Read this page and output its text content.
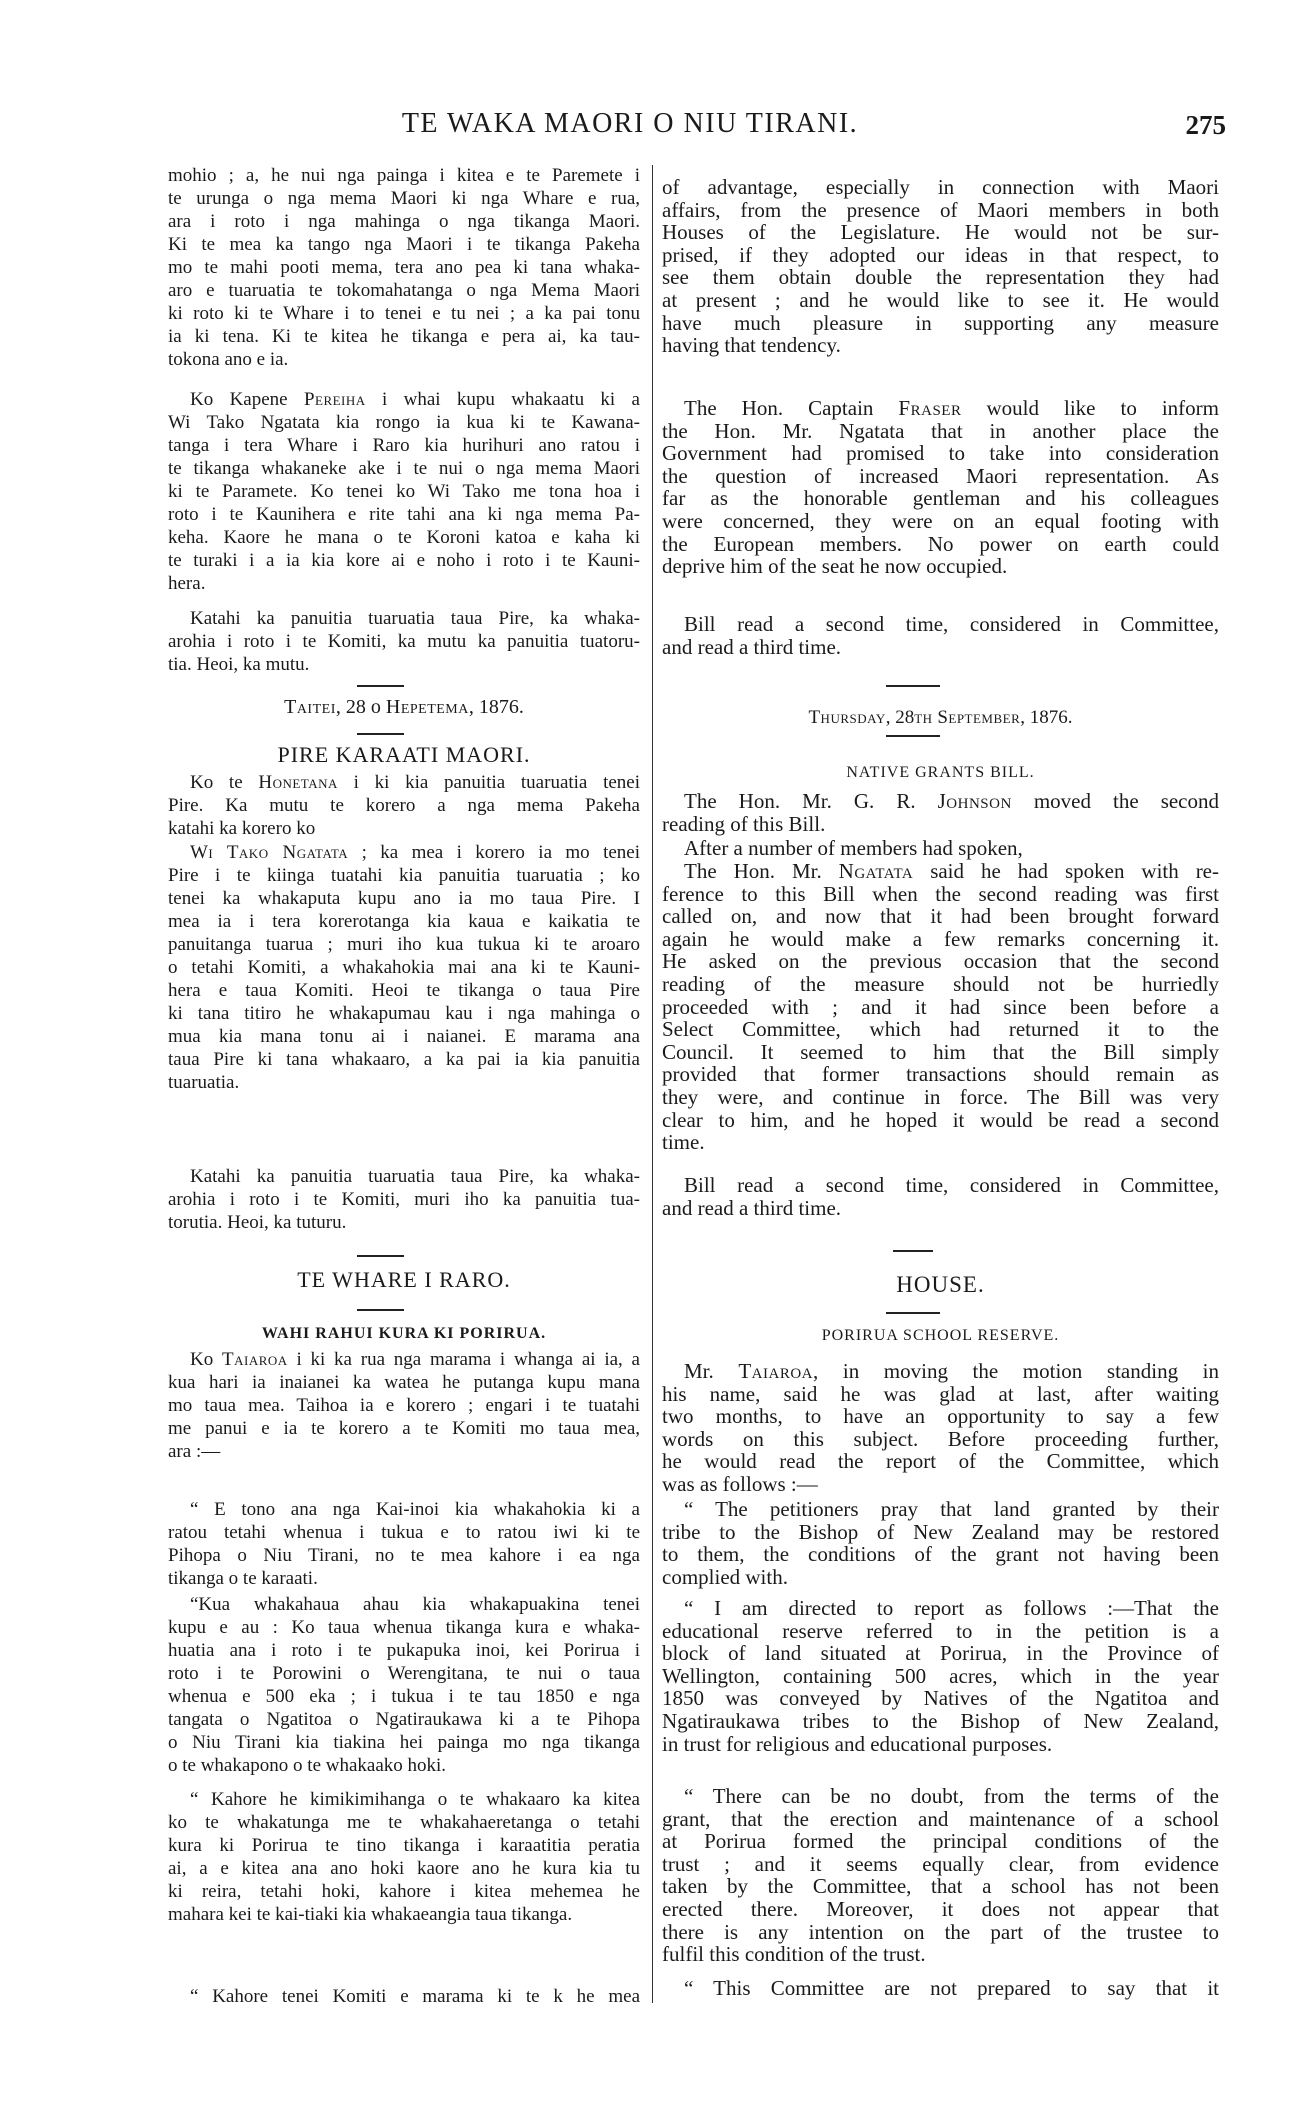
TE WAKA MAORI O NIU TIRANI.	275
mohio ; a, he nui nga painga i kitea e te Paremete i
te urunga o nga mema Maori ki nga Whare e rua,
ara i roto i nga mahinga o nga tikanga Maori.
Ki te mea ka tango nga Maori i te tikanga Pakeha
mo te mahi pooti mema, tera ano pea ki tana whaka-
aro e tuaruatia te tokomahatanga o nga Mema Maori
ki roto ki te Whare i to tenei e tu nei ; a ka pai tonu
ia ki tena. Ki te kitea he tikanga e pera ai, ka tau-
tokona ano e ia.
Ko Kapene Pereiha i whai kupu whakaatu ki a
Wi Tako Ngatata kia rongo ia kua ki te Kawana-
tanga i tera Whare i Raro kia hurihuri ano ratou i
te tikanga whakaneke ake i te nui o nga mema Maori
ki te Paramete. Ko tenei ko Wi Tako me tona hoa i
roto i te Kaunihera e rite tahi ana ki nga mema Pa-
keha. Kaore he mana o te Koroni katoa e kaha ki
te turaki i a ia kia kore ai e noho i roto i te Kauni-
hera.
Katahi ka panuitia tuaruatia taua Pire, ka whaka-
arohia i roto i te Komiti, ka mutu ka panuitia tuatoru-
tia. Heoi, ka mutu.
Taitei, 28 o Hepetema, 1876.
PIRE KARAATI MAORI.
Ko te Honetana i ki kia panuitia tuaruatia tenei
Pire. Ka mutu te korero a nga mema Pakeha
katahi ka korero ko
Wi Tako Ngatata ; ka mea i korero ia mo tenei
Pire i te kiinga tuatahi kia panuitia tuaruatia ; ko
tenei ka whakaputa kupu ano ia mo taua Pire. I
mea ia i tera korerotanga kia kaua e kaikatia te
panuitanga tuarua ; muri iho kua tukua ki te aroaro
o tetahi Komiti, a whakahokia mai ana ki te Kauni-
hera e taua Komiti. Heoi te tikanga o taua Pire
ki tana titiro he whakapumau kau i nga mahinga o
mua kia mana tonu ai i naianei. E marama ana
taua Pire ki tana whakaaro, a ka pai ia kia panuitia
tuaruatia.
Katahi ka panuitia tuaruatia taua Pire, ka whaka-
arohia i roto i te Komiti, muri iho ka panuitia tua-
torutia. Heoi, ka tuturu.
TE WHARE I RARO.
WAHI RAHUI KURA KI PORIRUA.
Ko Taiaroa i ki ka rua nga marama i whanga ai ia, a
kua hari ia inaianei ka watea he putanga kupu mana
mo taua mea. Taihoa ia e korero ; engari i te tuatahi
me panui e ia te korero a te Komiti mo taua mea,
ara :—
“ E tono ana nga Kai-inoi kia whakahokia ki a
ratou tetahi whenua i tukua e to ratou iwi ki te
Pihopa o Niu Tirani, no te mea kahore i ea nga
tikanga o te karaati.
“Kua whakahaua ahau kia whakapuakina tenei
kupu e au : Ko taua whenua tikanga kura e whaka-
huatia ana i roto i te pukapuka inoi, kei Porirua i
roto i te Porowini o Werengitana, te nui o taua
whenua e 500 eka ; i tukua i te tau 1850 e nga
tangata o Ngatitoa o Ngatiraukawa ki a te Pihopa
o Niu Tirani kia tiakina hei painga mo nga tikanga
o te whakapono o te whakaako hoki.
“ Kahore he kimikimihanga o te whakaaro ka kitea
ko te whakatunga me te whakahaeretanga o tetahi
kura ki Porirua te tino tikanga i karaatitia peratia
ai, a e kitea ana ano hoki kaore ano he kura kia tu
ki reira, tetahi hoki, kahore i kitea mehemea he
mahara kei te kai-tiaki kia whakaeangia taua tikanga.
“ Kahore tenei Komiti e marama ki te k he mea
of advantage, especially in connection with Maori
affairs, from the presence of Maori members in both
Houses of the Legislature. He would not be sur-
prised, if they adopted our ideas in that respect, to
see them obtain double the representation they had
at present ; and he would like to see it. He would
have much pleasure in supporting any measure
having that tendency.
The Hon. Captain Fraser would like to inform
the Hon. Mr. Ngatata that in another place the
Government had promised to take into consideration
the question of increased Maori representation. As
far as the honorable gentleman and his colleagues
were concerned, they were on an equal footing with
the European members. No power on earth could
deprive him of the seat he now occupied.
Bill read a second time, considered in Committee,
and read a third time.
Thursday, 28th September, 1876.
NATIVE GRANTS BILL.
The Hon. Mr. G. R. Johnson moved the second
reading of this Bill.
After a number of members had spoken,
The Hon. Mr. Ngatata said he had spoken with re-
ference to this Bill when the second reading was first
called on, and now that it had been brought forward
again he would make a few remarks concerning it.
He asked on the previous occasion that the second
reading of the measure should not be hurriedly
proceeded with ; and it had since been before a
Select Committee, which had returned it to the
Council. It seemed to him that the Bill simply
provided that former transactions should remain as
they were, and continue in force. The Bill was very
clear to him, and he hoped it would be read a second
time.
Bill read a second time, considered in Committee,
and read a third time.
HOUSE.
PORIRUA SCHOOL RESERVE.
Mr. Taiaroa, in moving the motion standing in
his name, said he was glad at last, after waiting
two months, to have an opportunity to say a few
words on this subject. Before proceeding further,
he would read the report of the Committee, which
was as follows :—
“ The petitioners pray that land granted by their
tribe to the Bishop of New Zealand may be restored
to them, the conditions of the grant not having been
complied with.
“ I am directed to report as follows :—That the
educational reserve referred to in the petition is a
block of land situated at Porirua, in the Province of
Wellington, containing 500 acres, which in the year
1850 was conveyed by Natives of the Ngatitoa and
Ngatiraukawa tribes to the Bishop of New Zealand,
in trust for religious and educational purposes.
“ There can be no doubt, from the terms of the
grant, that the erection and maintenance of a school
at Porirua formed the principal conditions of the
trust ; and it seems equally clear, from evidence
taken by the Committee, that a school has not been
erected there. Moreover, it does not appear that
there is any intention on the part of the trustee to
fulfil this condition of the trust.
“ This Committee are not prepared to say that it
